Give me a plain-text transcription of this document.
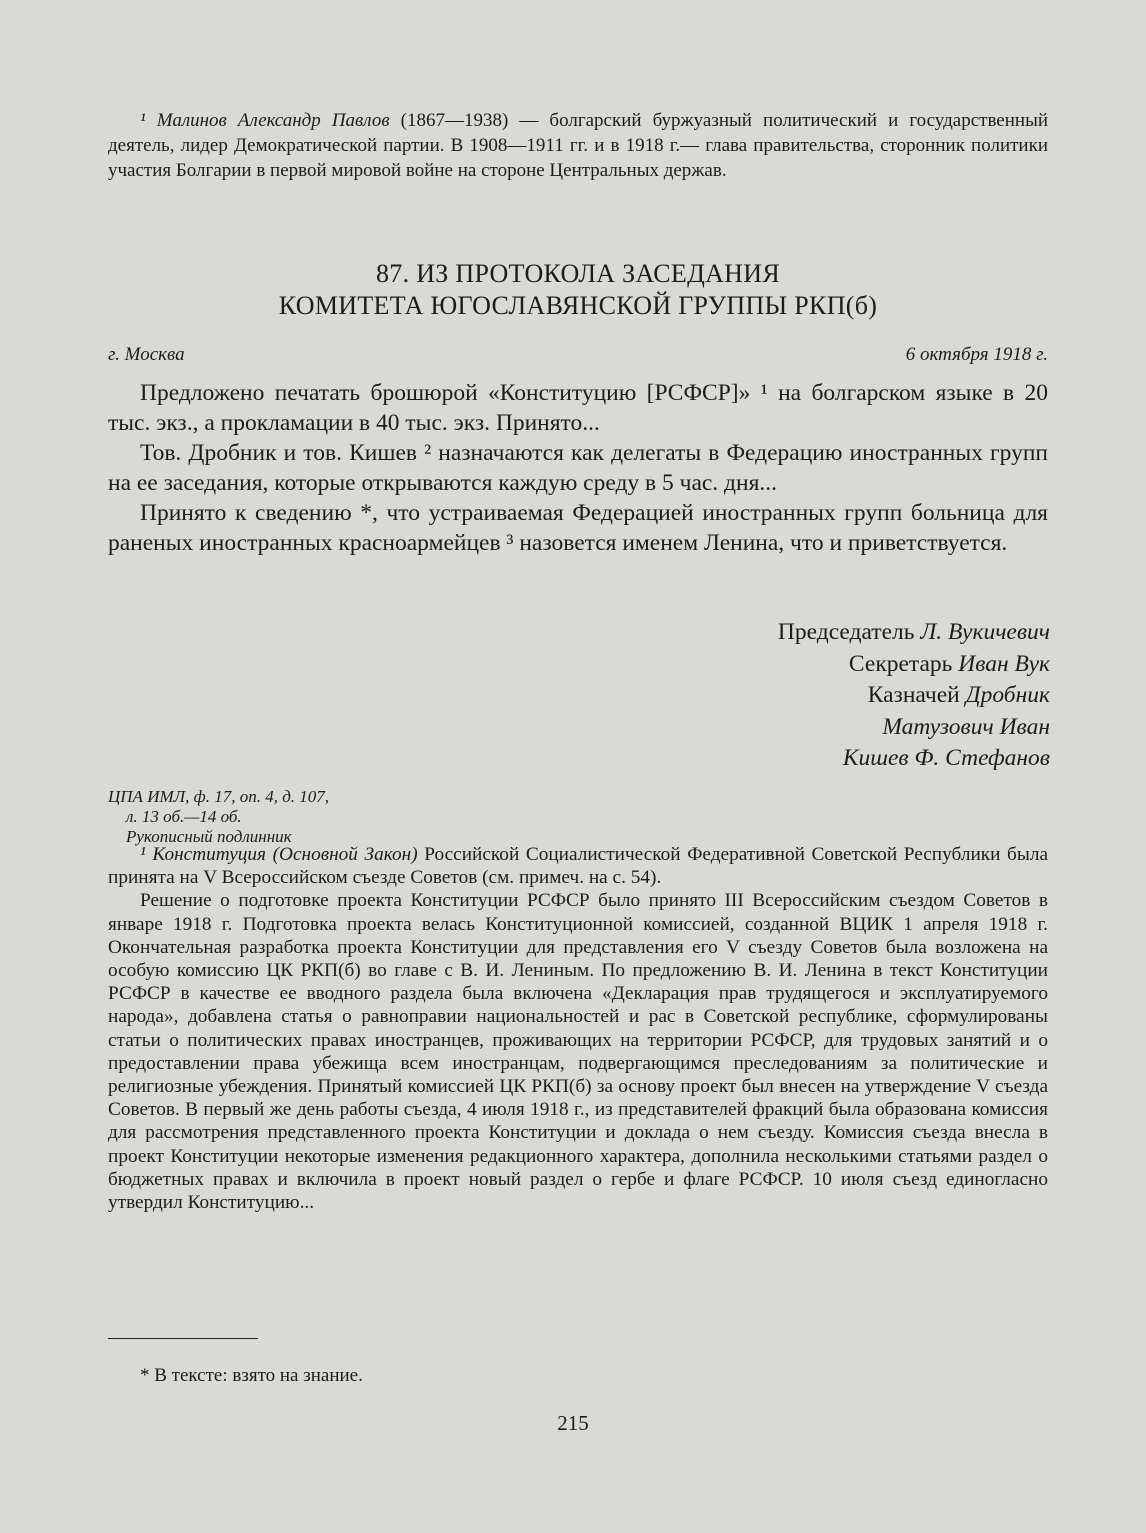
¹ Малинов Александр Павлов (1867—1938) — болгарский буржуазный политический и государственный деятель, лидер Демократической партии. В 1908—1911 гг. и в 1918 г.— глава правительства, сторонник политики участия Болгарии в первой мировой войне на стороне Центральных держав.
87. ИЗ ПРОТОКОЛА ЗАСЕДАНИЯ
КОМИТЕТА ЮГОСЛАВЯНСКОЙ ГРУППЫ РКП(б)
г. Москва	6 октября 1918 г.

Предложено печатать брошюрой «Конституцию [РСФСР]» ¹ на болгарском языке в 20 тыс. экз., а прокламации в 40 тыс. экз. Принято...

Тов. Дробник и тов. Кишев ² назначаются как делегаты в Федерацию иностранных групп на ее заседания, которые открываются каждую среду в 5 час. дня...

Принято к сведению *, что устраиваемая Федерацией иностранных групп больница для раненых иностранных красноармейцев ³ назовется именем Ленина, что и приветствуется.

Председатель Л. Вукичевич
Секретарь Иван Вук
Казначей Дробник
Матузович Иван
Кишев Ф. Стефанов
ЦПА ИМЛ, ф. 17, оп. 4, д. 107,
л. 13 об.—14 об.
Рукописный подлинник

¹ Конституция (Основной Закон) Российской Социалистической Федеративной Советской Республики была принята на V Всероссийском съезде Советов (см. примеч. на с. 54).

Решение о подготовке проекта Конституции РСФСР было принято III Всероссийским съездом Советов в январе 1918 г. Подготовка проекта велась Конституционной комиссией, созданной ВЦИК 1 апреля 1918 г. Окончательная разработка проекта Конституции для представления его V съезду Советов была возложена на особую комиссию ЦК РКП(б) во главе с В. И. Лениным. По предложению В. И. Ленина в текст Конституции РСФСР в качестве ее вводного раздела была включена «Декларация прав трудящегося и эксплуатируемого народа», добавлена статья о равноправии национальностей и рас в Советской республике, сформулированы статьи о политических правах иностранцев, проживающих на территории РСФСР, для трудовых занятий и о предоставлении права убежища всем иностранцам, подвергающимся преследованиям за политические и религиозные убеждения. Принятый комиссией ЦК РКП(б) за основу проект был внесен на утверждение V съезда Советов. В первый же день работы съезда, 4 июля 1918 г., из представителей фракций была образована комиссия для рассмотрения представленного проекта Конституции и доклада о нем съезду. Комиссия съезда внесла в проект Конституции некоторые изменения редакционного характера, дополнила несколькими статьями раздел о бюджетных правах и включила в проект новый раздел о гербе и флаге РСФСР. 10 июля съезд единогласно утвердил Конституцию...

* В тексте: взято на знание.
215
